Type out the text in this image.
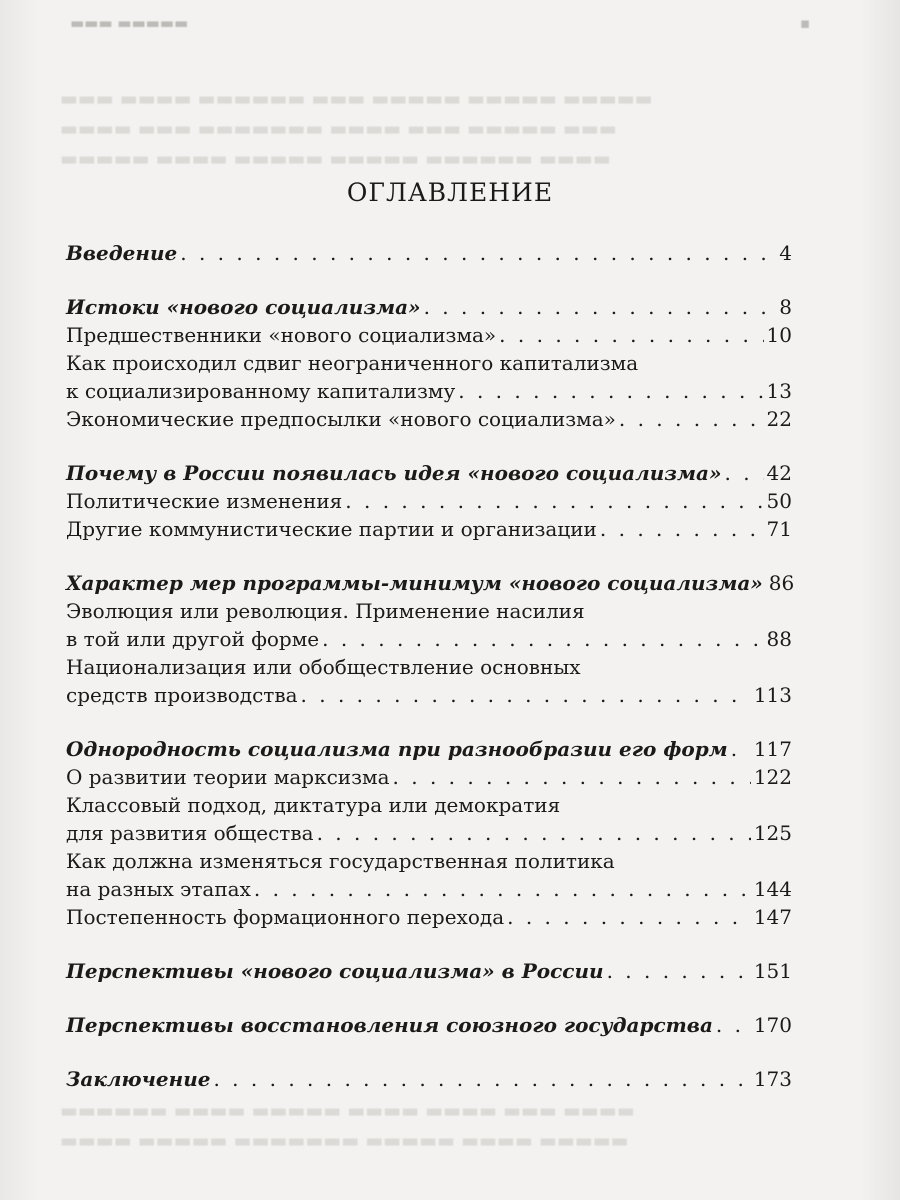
▬▬▬ ▬▬▬▬▬	▪
▬▬▬ ▬▬▬▬ ▬▬▬▬▬▬ ▬▬▬ ▬▬▬▬▬ ▬▬▬▬▬ ▬▬▬▬▬
▬▬▬▬ ▬▬▬ ▬▬▬▬▬▬▬ ▬▬▬▬ ▬▬▬ ▬▬▬▬▬ ▬▬▬
▬▬▬▬▬ ▬▬▬▬ ▬▬▬▬▬ ▬▬▬▬▬ ▬▬▬▬▬▬ ▬▬▬▬
ОГЛАВЛЕНИЕ
Введение . . .	4
Истоки «нового социализма» . . .	8
Предшественники «нового социализма» . . .	10
Как происходил сдвиг неограниченного капитализма
к социализированному капитализму . . .	13
Экономические предпосылки «нового социализма» . . .	22
Почему в России появилась идея «нового социализма» . . . 42
Политические изменения . . .	50
Другие коммунистические партии и организации . . .	71
Характер мер программы-минимум «нового социализма» 86
Эволюция или революция. Применение насилия
в той или другой форме . . .	88
Национализация или обобществление основных
средств производства . . .	113
Однородность социализма при разнообразии его форм . . . 117
О развитии теории марксизма . . .	122
Классовый подход, диктатура или демократия
для развития общества . . .	125
Как должна изменяться государственная политика
на разных этапах . . .	144
Постепенность формационного перехода . . .	147
Перспективы «нового социализма» в России . . .	151
Перспективы восстановления союзного государства . . . 170
Заключение . . .	173
▬▬▬▬▬▬ ▬▬▬▬ ▬▬▬▬▬ ▬▬▬▬ ▬▬▬▬ ▬▬▬ ▬▬▬▬
▬▬▬▬ ▬▬▬▬▬ ▬▬▬▬▬▬▬ ▬▬▬▬▬ ▬▬▬▬ ▬▬▬▬▬
